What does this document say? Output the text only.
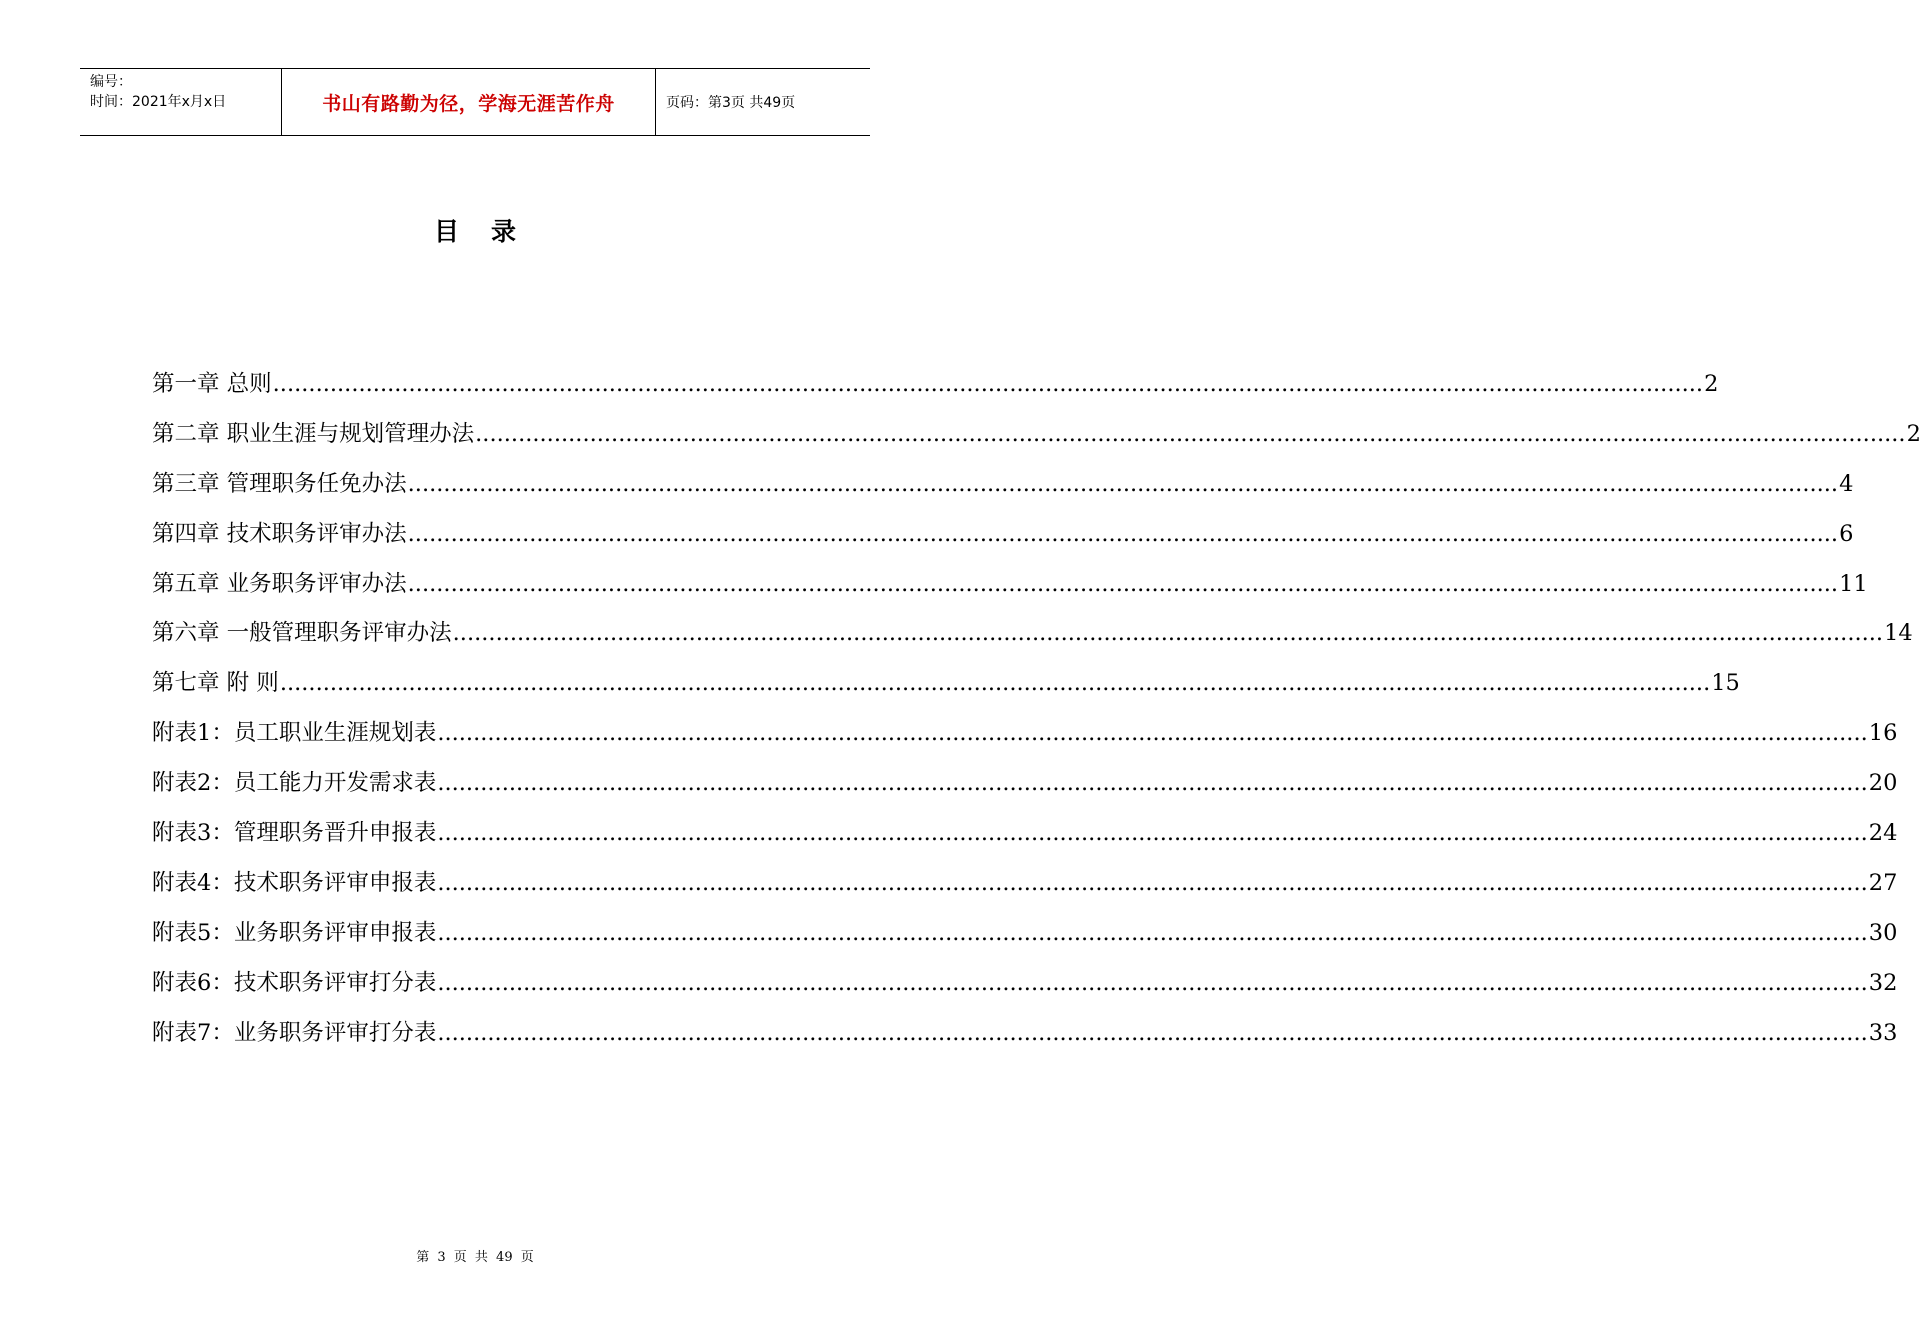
编号：
时间：2021年x月x日	书山有路勤为径，学海无涯苦作舟	页码：第3页 共49页
目录
第一章 总则 ........................................................................................................................................................................................................ 2
第二章 职业生涯与规划管理办法 ........................................................................................................................................................................................................ 2
第三章 管理职务任免办法 ........................................................................................................................................................................................................ 4
第四章 技术职务评审办法 ........................................................................................................................................................................................................ 6
第五章 业务职务评审办法 ........................................................................................................................................................................................................ 11
第六章 一般管理职务评审办法 ........................................................................................................................................................................................................ 14
第七章 附 则 ........................................................................................................................................................................................................ 15
附表1：员工职业生涯规划表 ........................................................................................................................................................................................................ 16
附表2：员工能力开发需求表 ........................................................................................................................................................................................................ 20
附表3：管理职务晋升申报表 ........................................................................................................................................................................................................ 24
附表4：技术职务评审申报表 ........................................................................................................................................................................................................ 27
附表5：业务职务评审申报表 ........................................................................................................................................................................................................ 30
附表6：技术职务评审打分表 ........................................................................................................................................................................................................ 32
附表7：业务职务评审打分表 ........................................................................................................................................................................................................ 33
第 3 页 共 49 页
